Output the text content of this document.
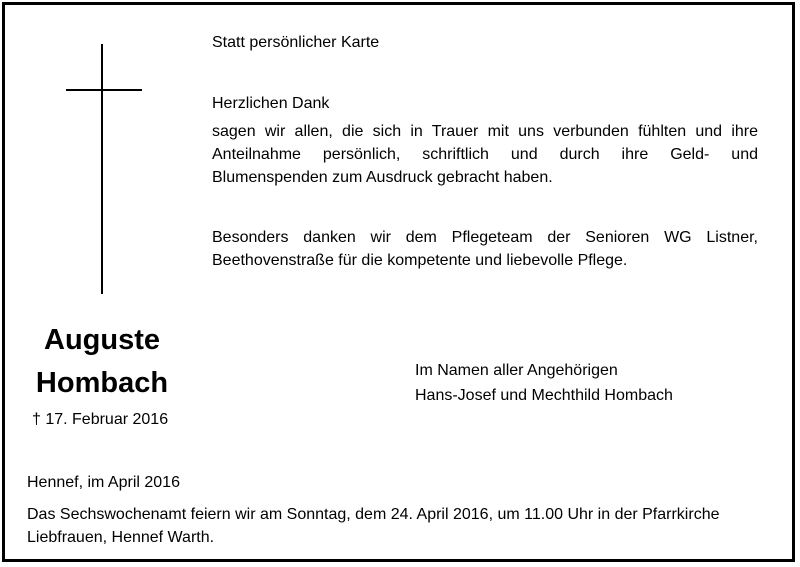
Statt persönlicher Karte
Herzlichen Dank
sagen wir allen, die sich in Trauer mit uns verbunden fühlten und ihre
Anteilnahme persönlich, schriftlich und durch ihre Geld- und
Blumenspenden zum Ausdruck gebracht haben.
Besonders danken wir dem Pflegeteam der Senioren WG Listner,
Beethovenstraße für die kompetente und liebevolle Pflege.
Auguste
Hombach
† 17. Februar 2016
Im Namen aller Angehörigen
Hans-Josef und Mechthild Hombach
Hennef, im April 2016
Das Sechswochenamt feiern wir am Sonntag, dem 24. April 2016, um 11.00 Uhr in der Pfarrkirche
Liebfrauen, Hennef Warth.
